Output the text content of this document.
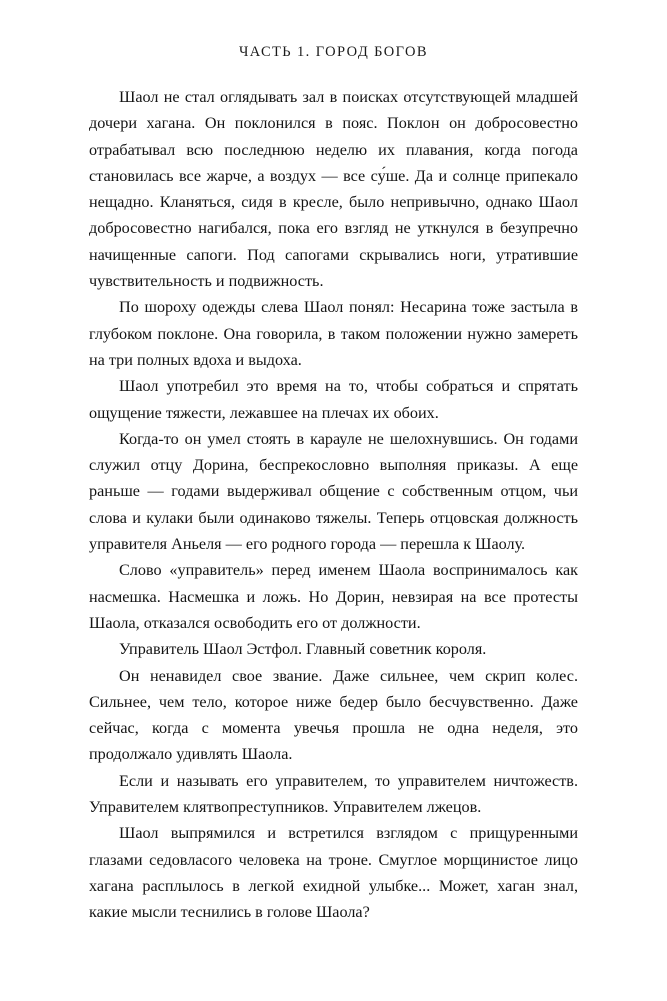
ЧАСТЬ 1. ГОРОД БОГОВ

Шаол не стал оглядывать зал в поисках отсутствующей младшей дочери хагана. Он поклонился в пояс. Поклон он добросовестно отрабатывал всю последнюю неделю их плавания, когда погода становилась все жарче, а воздух — все су́ше. Да и солнце припекало нещадно. Кланяться, сидя в кресле, было непривычно, однако Шаол добросовестно нагибался, пока его взгляд не уткнулся в безупречно начищенные сапоги. Под сапогами скрывались ноги, утратившие чувствительность и подвижность.

По шороху одежды слева Шаол понял: Несарина тоже застыла в глубоком поклоне. Она говорила, в таком положении нужно замереть на три полных вдоха и выдоха.

Шаол употребил это время на то, чтобы собраться и спрятать ощущение тяжести, лежавшее на плечах их обоих.

Когда-то он умел стоять в карауле не шелохнувшись. Он годами служил отцу Дорина, беспрекословно выполняя приказы. А еще раньше — годами выдерживал общение с собственным отцом, чьи слова и кулаки были одинаково тяжелы. Теперь отцовская должность управителя Аньеля — его родного города — перешла к Шаолу.

Слово «управитель» перед именем Шаола воспринималось как насмешка. Насмешка и ложь. Но Дорин, невзирая на все протесты Шаола, отказался освободить его от должности.

Управитель Шаол Эстфол. Главный советник короля.

Он ненавидел свое звание. Даже сильнее, чем скрип колес. Сильнее, чем тело, которое ниже бедер было бесчувственно. Даже сейчас, когда с момента увечья прошла не одна неделя, это продолжало удивлять Шаола.

Если и называть его управителем, то управителем ничтожеств. Управителем клятвопреступников. Управителем лжецов.

Шаол выпрямился и встретился взглядом с прищуренными глазами седовласого человека на троне. Смуглое морщинистое лицо хагана расплылось в легкой ехидной улыбке... Может, хаган знал, какие мысли теснились в голове Шаола?
